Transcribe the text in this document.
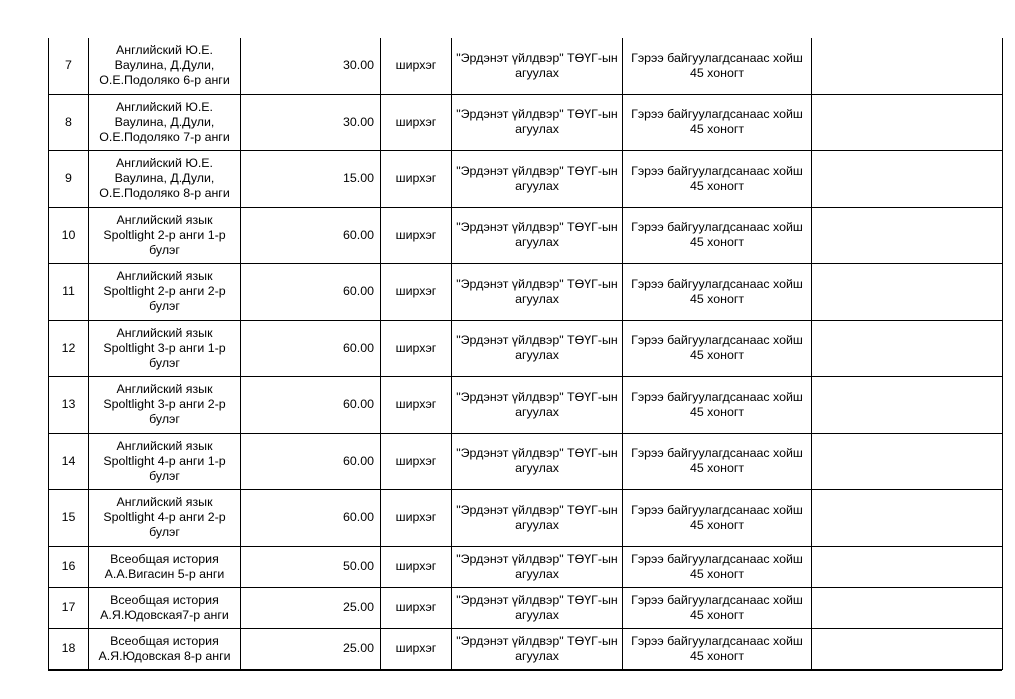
7	Английский Ю.Е. Ваулина, Д.Дули, О.Е.Подоляко 6-р анги	30.00	ширхэг	"Эрдэнэт үйлдвэр" ТӨҮГ-ын агуулах	Гэрээ байгуулагдсанаас хойш 45 хоногт	
8	Английский Ю.Е. Ваулина, Д.Дули, О.Е.Подоляко 7-р анги	30.00	ширхэг	"Эрдэнэт үйлдвэр" ТӨҮГ-ын агуулах	Гэрээ байгуулагдсанаас хойш 45 хоногт	
9	Английский Ю.Е. Ваулина, Д.Дули, О.Е.Подоляко 8-р анги	15.00	ширхэг	"Эрдэнэт үйлдвэр" ТӨҮГ-ын агуулах	Гэрээ байгуулагдсанаас хойш 45 хоногт	
10	Английский язык Spoltlight 2-р анги 1-р булэг	60.00	ширхэг	"Эрдэнэт үйлдвэр" ТӨҮГ-ын агуулах	Гэрээ байгуулагдсанаас хойш 45 хоногт	
11	Английский язык Spoltlight 2-р анги 2-р булэг	60.00	ширхэг	"Эрдэнэт үйлдвэр" ТӨҮГ-ын агуулах	Гэрээ байгуулагдсанаас хойш 45 хоногт	
12	Английский язык Spoltlight 3-р анги 1-р булэг	60.00	ширхэг	"Эрдэнэт үйлдвэр" ТӨҮГ-ын агуулах	Гэрээ байгуулагдсанаас хойш 45 хоногт	
13	Английский язык Spoltlight 3-р анги 2-р булэг	60.00	ширхэг	"Эрдэнэт үйлдвэр" ТӨҮГ-ын агуулах	Гэрээ байгуулагдсанаас хойш 45 хоногт	
14	Английский язык Spoltlight 4-р анги 1-р булэг	60.00	ширхэг	"Эрдэнэт үйлдвэр" ТӨҮГ-ын агуулах	Гэрээ байгуулагдсанаас хойш 45 хоногт	
15	Английский язык Spoltlight 4-р анги 2-р булэг	60.00	ширхэг	"Эрдэнэт үйлдвэр" ТӨҮГ-ын агуулах	Гэрээ байгуулагдсанаас хойш 45 хоногт	
16	Всеобщая история А.А.Вигасин 5-р анги	50.00	ширхэг	"Эрдэнэт үйлдвэр" ТӨҮГ-ын агуулах	Гэрээ байгуулагдсанаас хойш 45 хоногт	
17	Всеобщая история А.Я.Юдовская7-р анги	25.00	ширхэг	"Эрдэнэт үйлдвэр" ТӨҮГ-ын агуулах	Гэрээ байгуулагдсанаас хойш 45 хоногт	
18	Всеобщая история А.Я.Юдовская 8-р анги	25.00	ширхэг	"Эрдэнэт үйлдвэр" ТӨҮГ-ын агуулах	Гэрээ байгуулагдсанаас хойш 45 хоногт	
